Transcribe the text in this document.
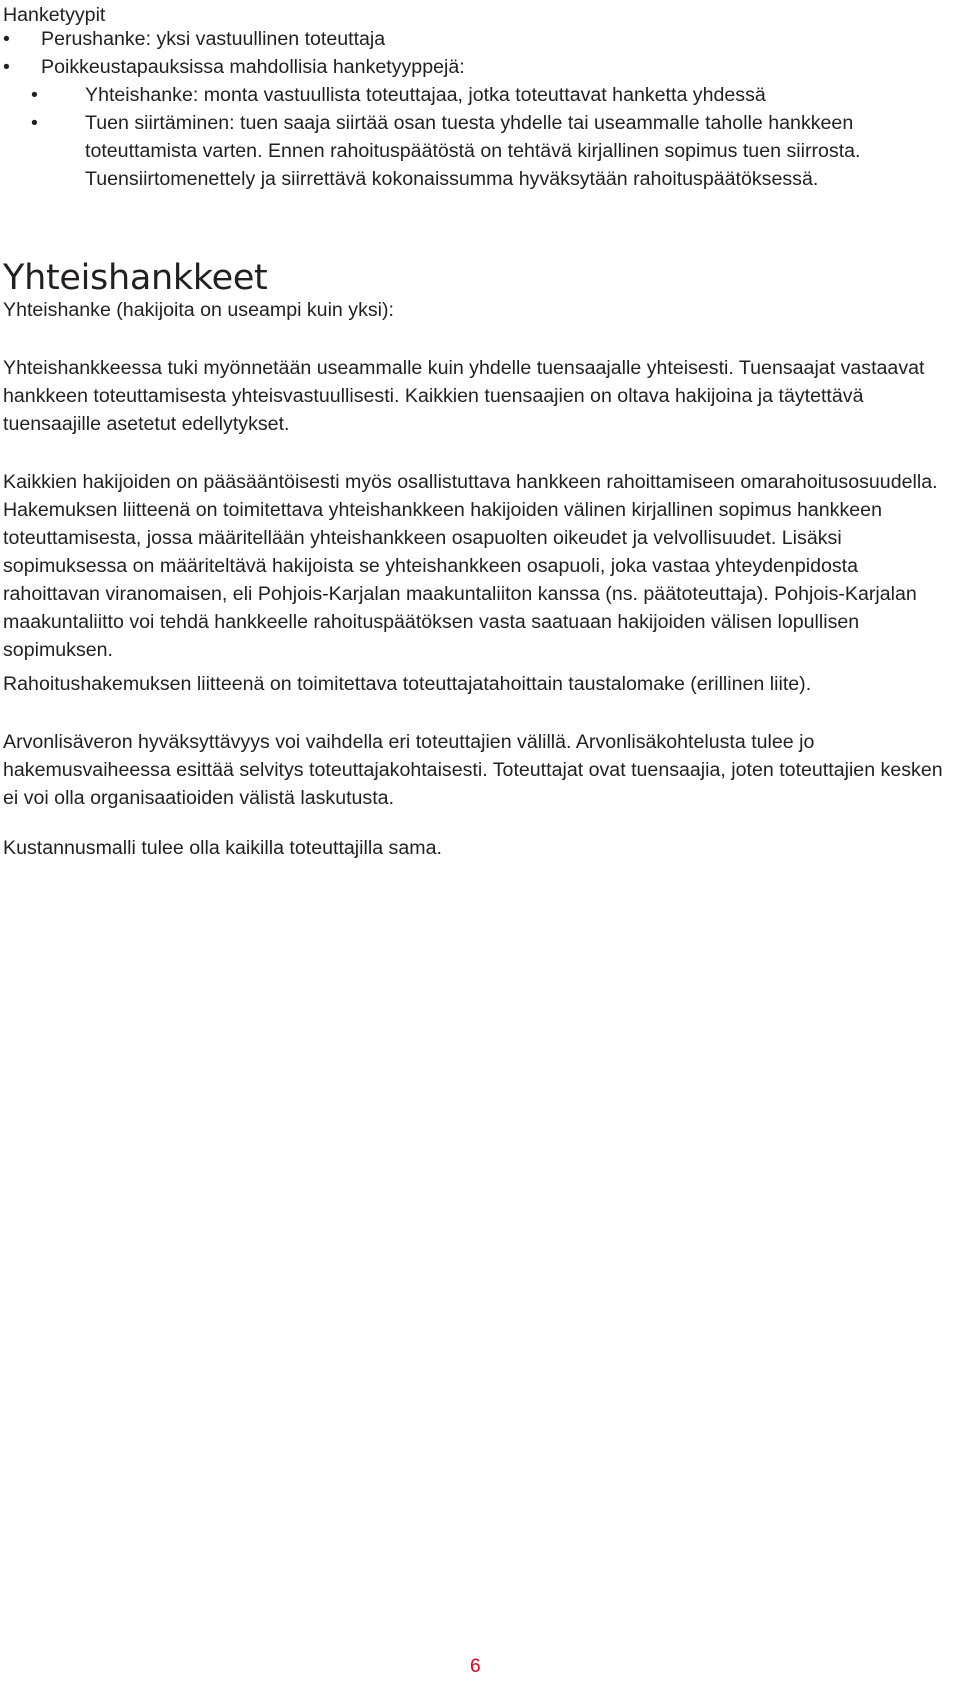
Hanketyypit

• Perushanke: yksi vastuullinen toteuttaja
• Poikkeustapauksissa mahdollisia hanketyyppejä:
• Yhteishanke: monta vastuullista toteuttajaa, jotka toteuttavat hanketta yhdessä
• Tuen siirtäminen: tuen saaja siirtää osan tuesta yhdelle tai useammalle taholle hankkeen toteuttamista varten. Ennen rahoituspäätöstä on tehtävä kirjallinen sopimus tuen siirrosta. Tuensiirtomenettely ja siirrettävä kokonaissumma hyväksytään rahoituspäätöksessä.
Yhteishankkeet

Yhteishanke (hakijoita on useampi kuin yksi):

Yhteishankkeessa tuki myönnetään useammalle kuin yhdelle tuensaajalle yhteisesti. Tuensaajat vastaavat hankkeen toteuttamisesta yhteisvastuullisesti. Kaikkien tuensaajien on oltava hakijoina ja täytettävä tuensaajille asetetut edellytykset.

Kaikkien hakijoiden on pääsääntöisesti myös osallistuttava hankkeen rahoittamiseen omarahoitusosuudella. Hakemuksen liitteenä on toimitettava yhteishankkeen hakijoiden välinen kirjallinen sopimus hankkeen toteuttamisesta, jossa määritellään yhteishankkeen osapuolten oikeudet ja velvollisuudet. Lisäksi sopimuksessa on määriteltävä hakijoista se yhteishankkeen osapuoli, joka vastaa yhteydenpidosta rahoittavan viranomaisen, eli Pohjois-Karjalan maakuntaliiton kanssa (ns. päätoteuttaja). Pohjois-Karjalan maakuntaliitto voi tehdä hankkeelle rahoituspäätöksen vasta saatuaan hakijoiden välisen lopullisen sopimuksen.

Rahoitushakemuksen liitteenä on toimitettava toteuttajatahoittain taustalomake (erillinen liite).

Arvonlisäveron hyväksyttävyys voi vaihdella eri toteuttajien välillä. Arvonlisäkohtelusta tulee jo hakemusvaiheessa esittää selvitys toteuttajakohtaisesti. Toteuttajat ovat tuensaajia, joten toteuttajien kesken ei voi olla organisaatioiden välistä laskutusta.

Kustannusmalli tulee olla kaikilla toteuttajilla sama.

6
